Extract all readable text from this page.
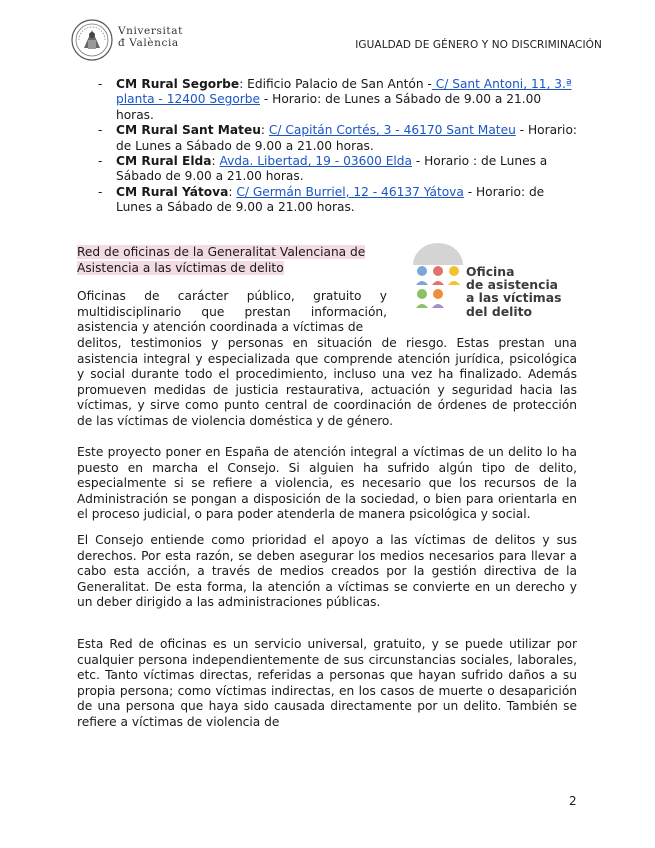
Vniversitat
đ València	IGUALDAD DE GÉNERO Y NO DISCRIMINACIÓN
- CM Rural Segorbe: Edificio Palacio de San Antón - C/ Sant Antoni, 11, 3.ª planta - 12400 Segorbe - Horario: de Lunes a Sábado de 9.00 a 21.00 horas.
- CM Rural Sant Mateu: C/ Capitán Cortés, 3 - 46170 Sant Mateu - Horario: de Lunes a Sábado de 9.00 a 21.00 horas.
- CM Rural Elda: Avda. Libertad, 19 - 03600 Elda - Horario : de Lunes a Sábado de 9.00 a 21.00 horas.
- CM Rural Yátova: C/ Germán Burriel, 12 - 46137 Yátova - Horario: de Lunes a Sábado de 9.00 a 21.00 horas.
Red de oficinas de la Generalitat Valenciana de Asistencia a las víctimas de delito	Oficina
de asistencia
a las víctimas
del delito

Oficinas de carácter público, gratuito y multidisciplinario que prestan información, asistencia y atención coordinada a víctimas de

delitos, testimonios y personas en situación de riesgo. Estas prestan una asistencia integral y especializada que comprende atención jurídica, psicológica y social durante todo el procedimiento, incluso una vez ha finalizado. Además promueven medidas de justicia restaurativa, actuación y seguridad hacia las víctimas, y sirve como punto central de coordinación de órdenes de protección de las víctimas de violencia doméstica y de género.

Este proyecto poner en España de atención integral a víctimas de un delito lo ha puesto en marcha el Consejo. Si alguien ha sufrido algún tipo de delito, especialmente si se refiere a violencia, es necesario que los recursos de la Administración se pongan a disposición de la sociedad, o bien para orientarla en el proceso judicial, o para poder atenderla de manera psicológica y social.

El Consejo entiende como prioridad el apoyo a las víctimas de delitos y sus derechos. Por esta razón, se deben asegurar los medios necesarios para llevar a cabo esta acción, a través de medios creados por la gestión directiva de la Generalitat. De esta forma, la atención a víctimas se convierte en un derecho y un deber dirigido a las administraciones públicas.

Esta Red de oficinas es un servicio universal, gratuito, y se puede utilizar por cualquier persona independientemente de sus circunstancias sociales, laborales, etc. Tanto víctimas directas, referidas a personas que hayan sufrido daños a su propia persona; como víctimas indirectas, en los casos de muerte o desaparición de una persona que haya sido causada directamente por un delito. También se refiere a víctimas de violencia de

2
